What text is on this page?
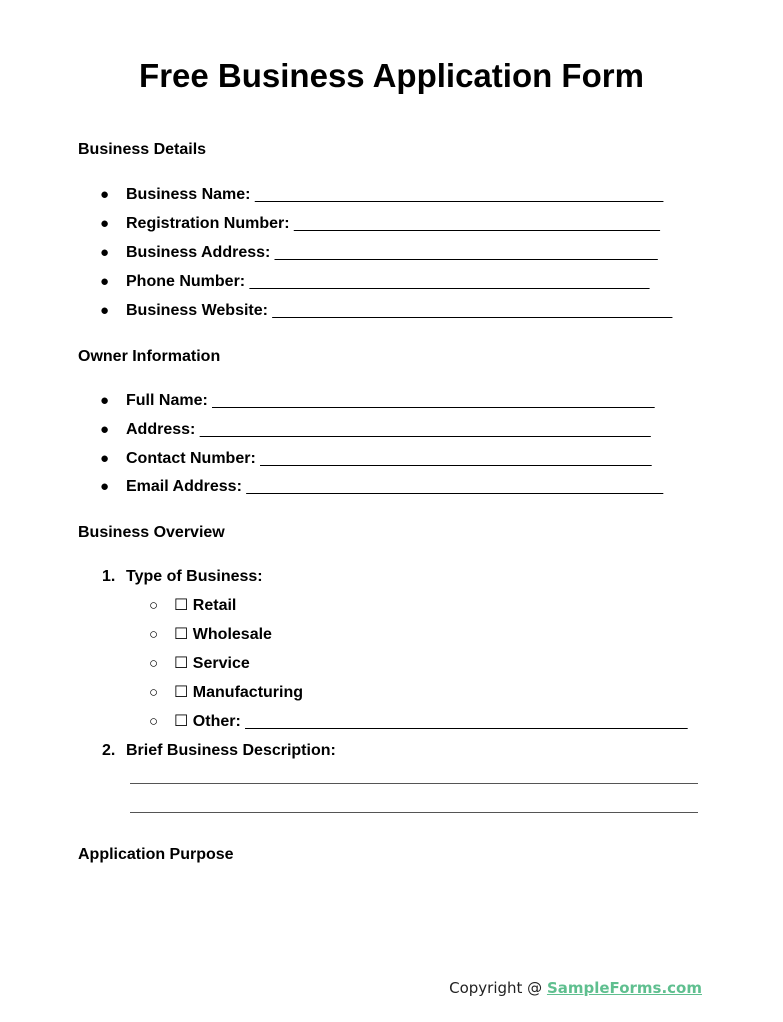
Free Business Application Form
Business Details
●	Business Name: ________________________________________________
●	Registration Number: ___________________________________________
●	Business Address: _____________________________________________
●	Phone Number: _______________________________________________
●	Business Website: _______________________________________________
Owner Information
●	Full Name: ____________________________________________________
●	Address: _____________________________________________________
●	Contact Number: ______________________________________________
●	Email Address: _________________________________________________
Business Overview
1. Type of Business:
○ ☐ Retail
○ ☐ Wholesale
○ ☐ Service
○ ☐ Manufacturing
○ ☐ Other: ____________________________________________________
2. Brief Business Description:
Application Purpose
Copyright @ SampleForms.com
